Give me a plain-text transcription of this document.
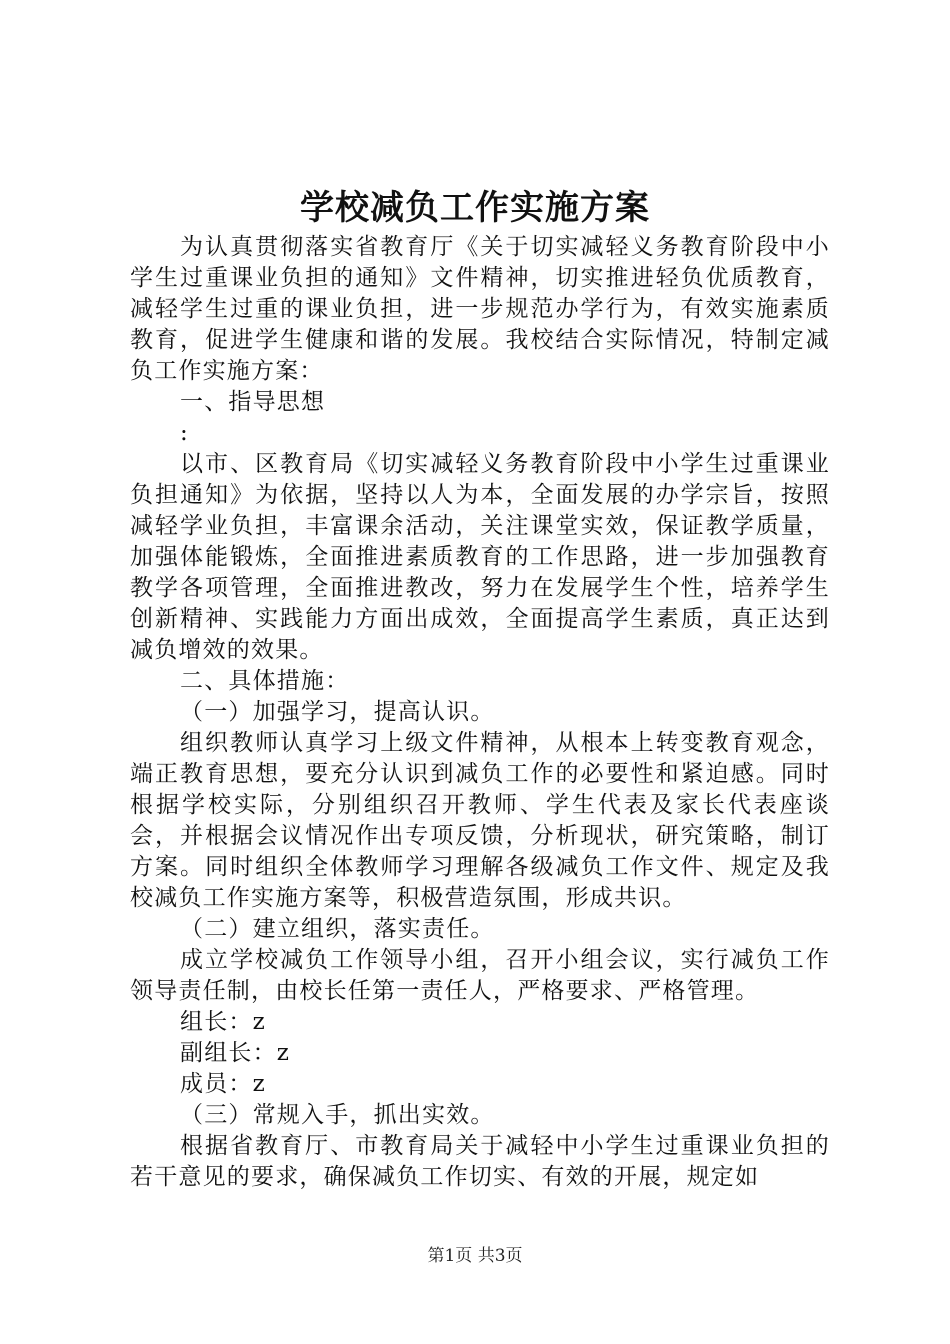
学校减负工作实施方案

为认真贯彻落实省教育厅《关于切实减轻义务教育阶段中小学生过重课业负担的通知》文件精神，切实推进轻负优质教育，减轻学生过重的课业负担，进一步规范办学行为，有效实施素质教育，促进学生健康和谐的发展。我校结合实际情况，特制定减负工作实施方案：

一、指导思想

:

以市、区教育局《切实减轻义务教育阶段中小学生过重课业负担通知》为依据，坚持以人为本，全面发展的办学宗旨，按照减轻学业负担，丰富课余活动，关注课堂实效，保证教学质量，加强体能锻炼，全面推进素质教育的工作思路，进一步加强教育教学各项管理，全面推进教改，努力在发展学生个性，培养学生创新精神、实践能力方面出成效，全面提高学生素质，真正达到减负增效的效果。

二、具体措施：

（一）加强学习，提高认识。

组织教师认真学习上级文件精神，从根本上转变教育观念，端正教育思想，要充分认识到减负工作的必要性和紧迫感。同时根据学校实际，分别组织召开教师、学生代表及家长代表座谈会，并根据会议情况作出专项反馈，分析现状，研究策略，制订方案。同时组织全体教师学习理解各级减负工作文件、规定及我校减负工作实施方案等，积极营造氛围，形成共识。

（二）建立组织，落实责任。

成立学校减负工作领导小组，召开小组会议，实行减负工作领导责任制，由校长任第一责任人，严格要求、严格管理。

组长：z

副组长：z

成员：z

（三）常规入手，抓出实效。

根据省教育厅、市教育局关于减轻中小学生过重课业负担的若干意见的要求，确保减负工作切实、有效的开展，规定如

第1页 共3页
